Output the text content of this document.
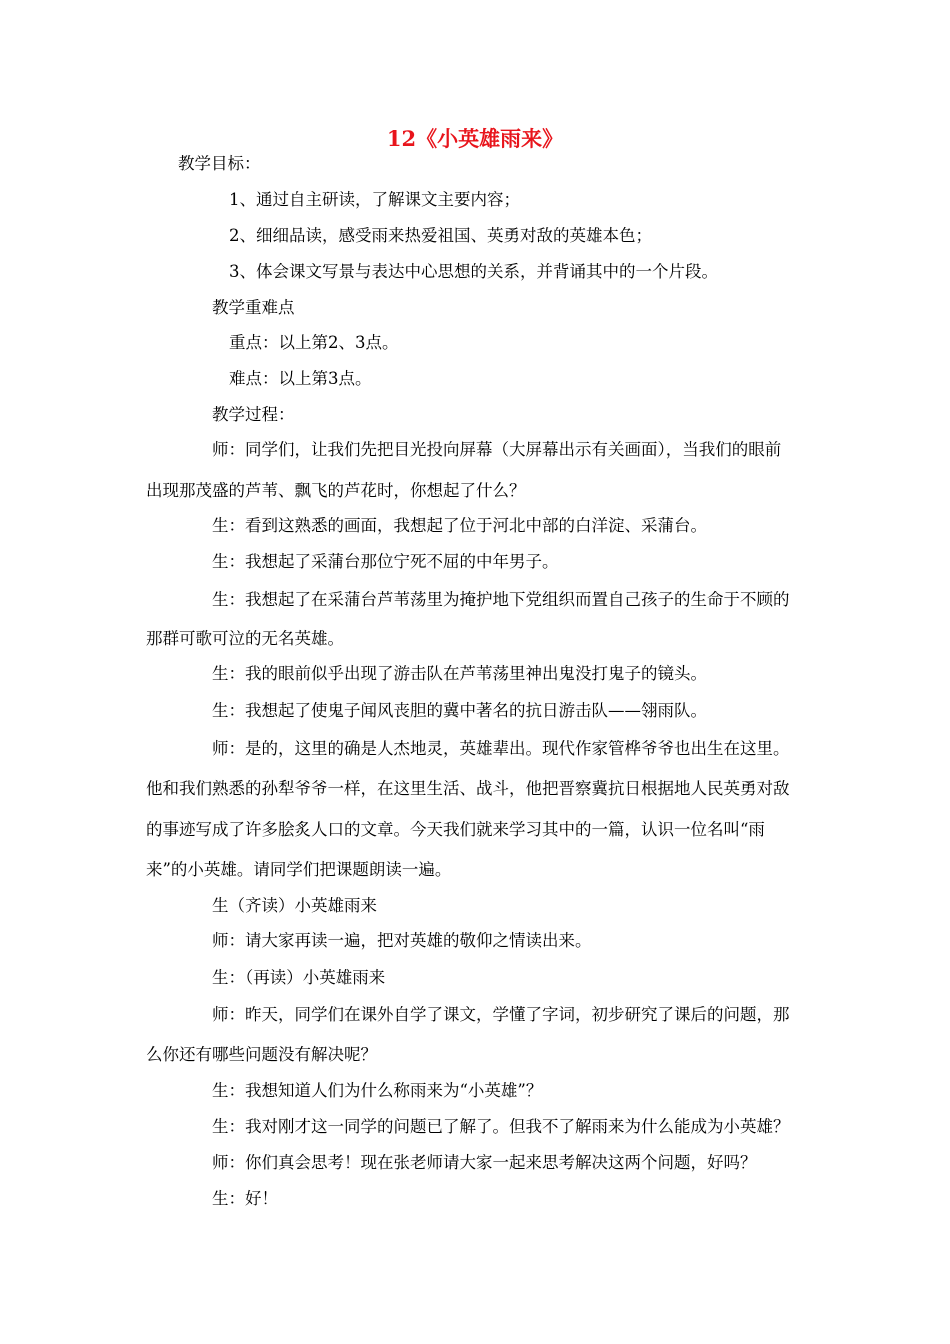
12《小英雄雨来》

教学目标：

1、通过自主研读，了解课文主要内容；

2、细细品读，感受雨来热爱祖国、英勇对敌的英雄本色；

3、体会课文写景与表达中心思想的关系，并背诵其中的一个片段。

教学重难点

重点：以上第2、3点。

难点：以上第3点。

教学过程：

师：同学们，让我们先把目光投向屏幕（大屏幕出示有关画面），当我们的眼前

出现那茂盛的芦苇、飘飞的芦花时，你想起了什么？

生：看到这熟悉的画面，我想起了位于河北中部的白洋淀、采蒲台。

生：我想起了采蒲台那位宁死不屈的中年男子。

生：我想起了在采蒲台芦苇荡里为掩护地下党组织而置自己孩子的生命于不顾的

那群可歌可泣的无名英雄。

生：我的眼前似乎出现了游击队在芦苇荡里神出鬼没打鬼子的镜头。

生：我想起了使鬼子闻风丧胆的冀中著名的抗日游击队——翎雨队。

师：是的，这里的确是人杰地灵，英雄辈出。现代作家管桦爷爷也出生在这里。

他和我们熟悉的孙犁爷爷一样，在这里生活、战斗，他把晋察冀抗日根据地人民英勇对敌

的事迹写成了许多脍炙人口的文章。今天我们就来学习其中的一篇，认识一位名叫“雨

来”的小英雄。请同学们把课题朗读一遍。

生（齐读）小英雄雨来

师：请大家再读一遍，把对英雄的敬仰之情读出来。

生：（再读）小英雄雨来

师：昨天，同学们在课外自学了课文，学懂了字词，初步研究了课后的问题，那

么你还有哪些问题没有解决呢？

生：我想知道人们为什么称雨来为“小英雄”？

生：我对刚才这一同学的问题已了解了。但我不了解雨来为什么能成为小英雄？

师：你们真会思考！现在张老师请大家一起来思考解决这两个问题，好吗？

生：好！
